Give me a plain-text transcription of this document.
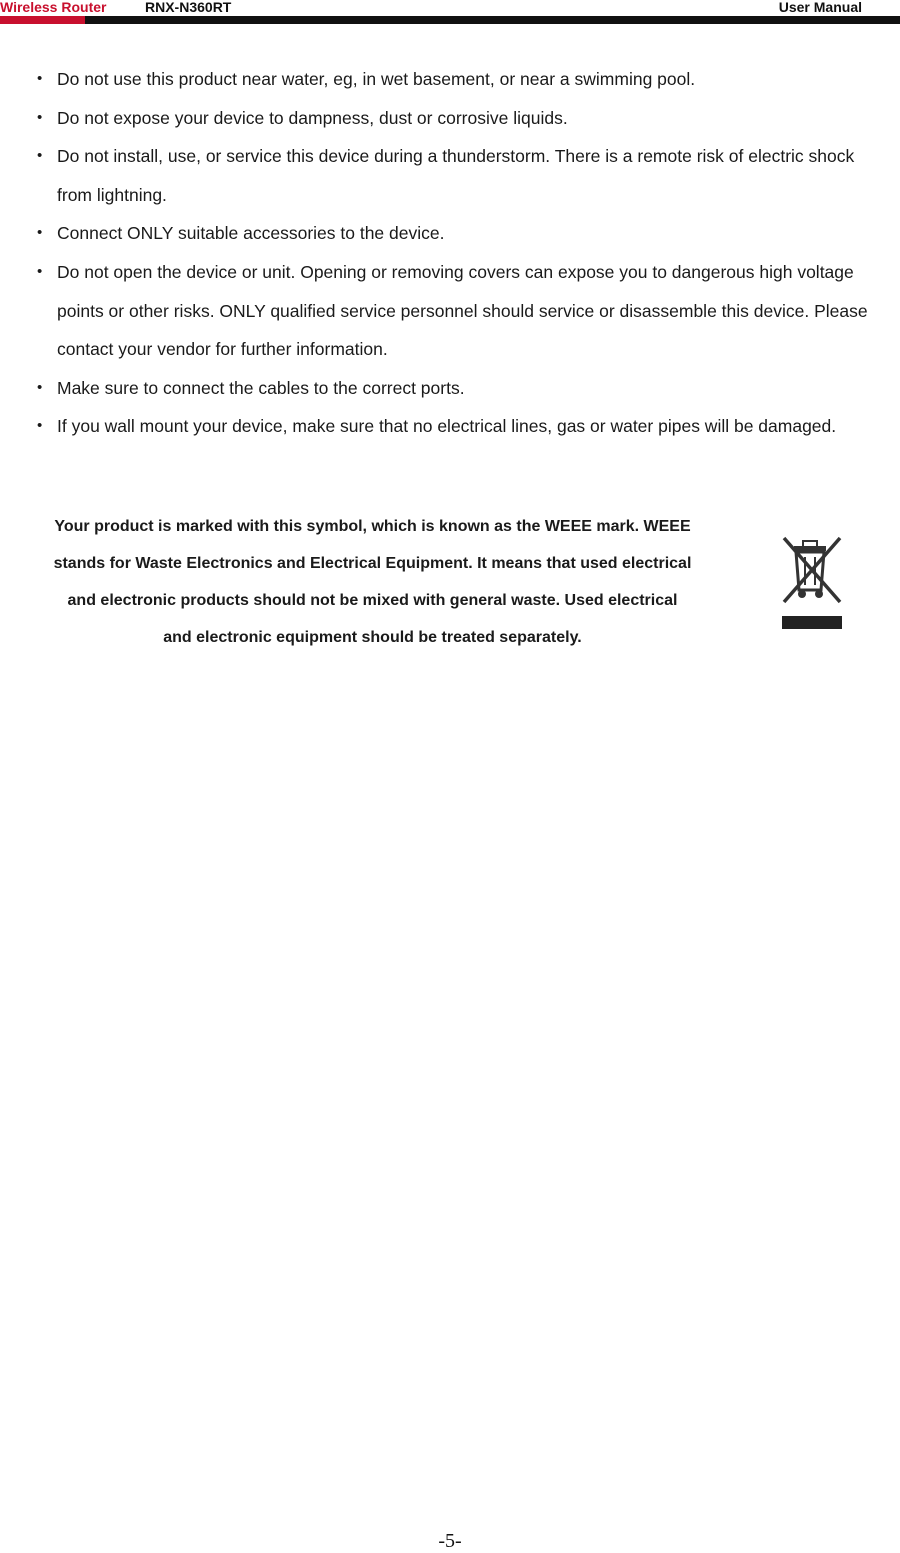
Wireless Router	RNX-N360RT	User Manual
• Do not use this product near water, eg, in wet basement, or near a swimming pool.
• Do not expose your device to dampness, dust or corrosive liquids.
• Do not install, use, or service this device during a thunderstorm. There is a remote risk of electric shock from lightning.
• Connect ONLY suitable accessories to the device.
• Do not open the device or unit. Opening or removing covers can expose you to dangerous high voltage points or other risks. ONLY qualified service personnel should service or disassemble this device. Please contact your vendor for further information.
• Make sure to connect the cables to the correct ports.
• If you wall mount your device, make sure that no electrical lines, gas or water pipes will be damaged.

Your product is marked with this symbol, which is known as the WEEE mark. WEEE
stands for Waste Electronics and Electrical Equipment. It means that used electrical
and electronic products should not be mixed with general waste. Used electrical
and electronic equipment should be treated separately.

-5-
